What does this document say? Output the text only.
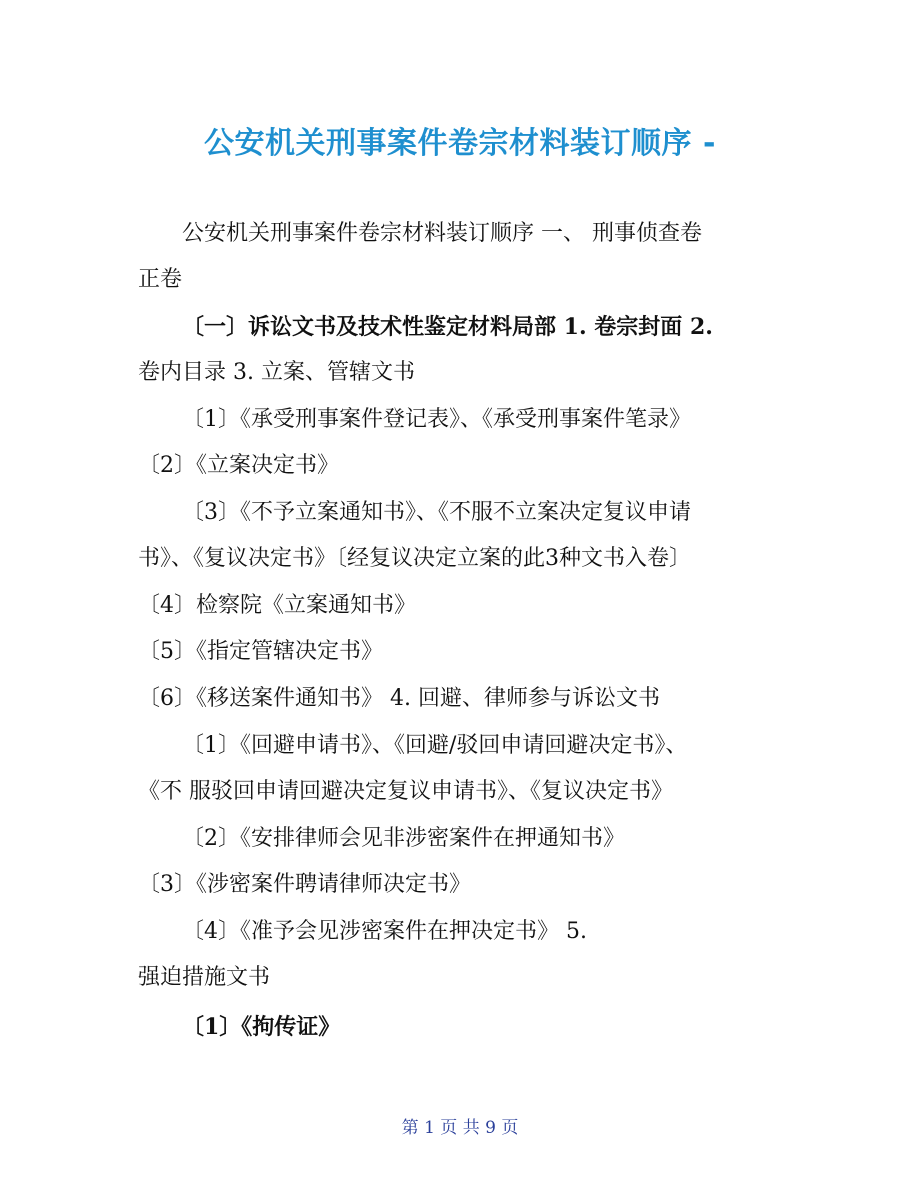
公安机关刑事案件卷宗材料装订顺序 -
公安机关刑事案件卷宗材料装订顺序 一、 刑事侦查卷
正卷
〔一〕诉讼文书及技术性鉴定材料局部 1. 卷宗封面 2.
卷内目录 3. 立案、管辖文书
〔1〕《承受刑事案件登记表》、《承受刑事案件笔录》
〔2〕《立案决定书》
〔3〕《不予立案通知书》、《不服不立案决定复议申请
书》、《复议决定书》〔经复议决定立案的此3种文书入卷〕
〔4〕检察院《立案通知书》
〔5〕《指定管辖决定书》
〔6〕《移送案件通知书》 4. 回避、律师参与诉讼文书
〔1〕《回避申请书》、《回避/驳回申请回避决定书》、
《不 服驳回申请回避决定复议申请书》、《复议决定书》
〔2〕《安排律师会见非涉密案件在押通知书》
〔3〕《涉密案件聘请律师决定书》
〔4〕《准予会见涉密案件在押决定书》 5.
强迫措施文书
〔1〕《拘传证》
第 1 页 共 9 页
